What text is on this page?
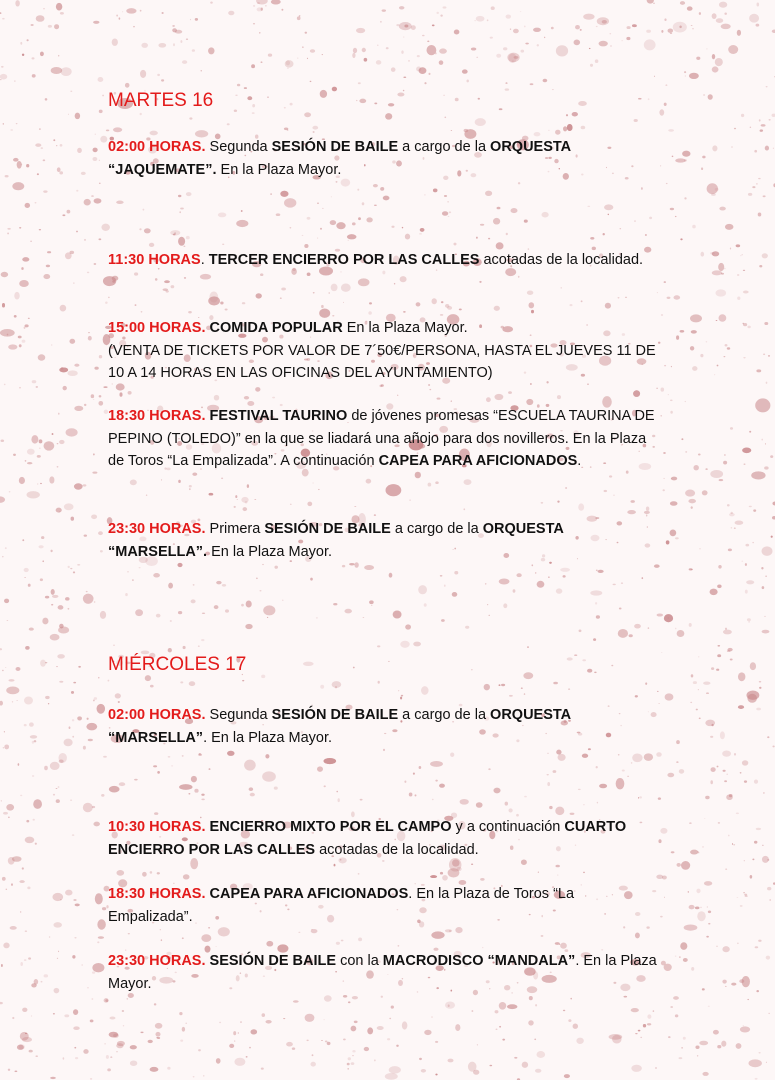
MARTES 16

02:00 HORAS. Segunda SESIÓN DE BAILE a cargo de la ORQUESTA “JAQUEMATE”. En la Plaza Mayor.

11:30 HORAS. TERCER ENCIERRO POR LAS CALLES acotadas de la localidad.

15:00 HORAS. COMIDA POPULAR En la Plaza Mayor.
(VENTA DE TICKETS POR VALOR DE 7´50€/PERSONA, HASTA EL JUEVES 11 DE 10 A 14 HORAS EN LAS OFICINAS DEL AYUNTAMIENTO)

18:30 HORAS. FESTIVAL TAURINO de jóvenes promesas “ESCUELA TAURINA DE PEPINO (TOLEDO)” en la que se liadará una añojo para dos novilleros. En la Plaza de Toros “La Empalizada”. A continuación CAPEA PARA AFICIONADOS.

23:30 HORAS. Primera SESIÓN DE BAILE a cargo de la ORQUESTA “MARSELLA”. En la Plaza Mayor.

MIÉRCOLES 17

02:00 HORAS. Segunda SESIÓN DE BAILE a cargo de la ORQUESTA “MARSELLA”. En la Plaza Mayor.

10:30 HORAS. ENCIERRO MIXTO POR EL CAMPO y a continuación CUARTO ENCIERRO POR LAS CALLES acotadas de la localidad.

18:30 HORAS. CAPEA PARA AFICIONADOS. En la Plaza de Toros “La Empalizada”.

23:30 HORAS. SESIÓN DE BAILE con la MACRODISCO “MANDALA”. En la Plaza Mayor.
